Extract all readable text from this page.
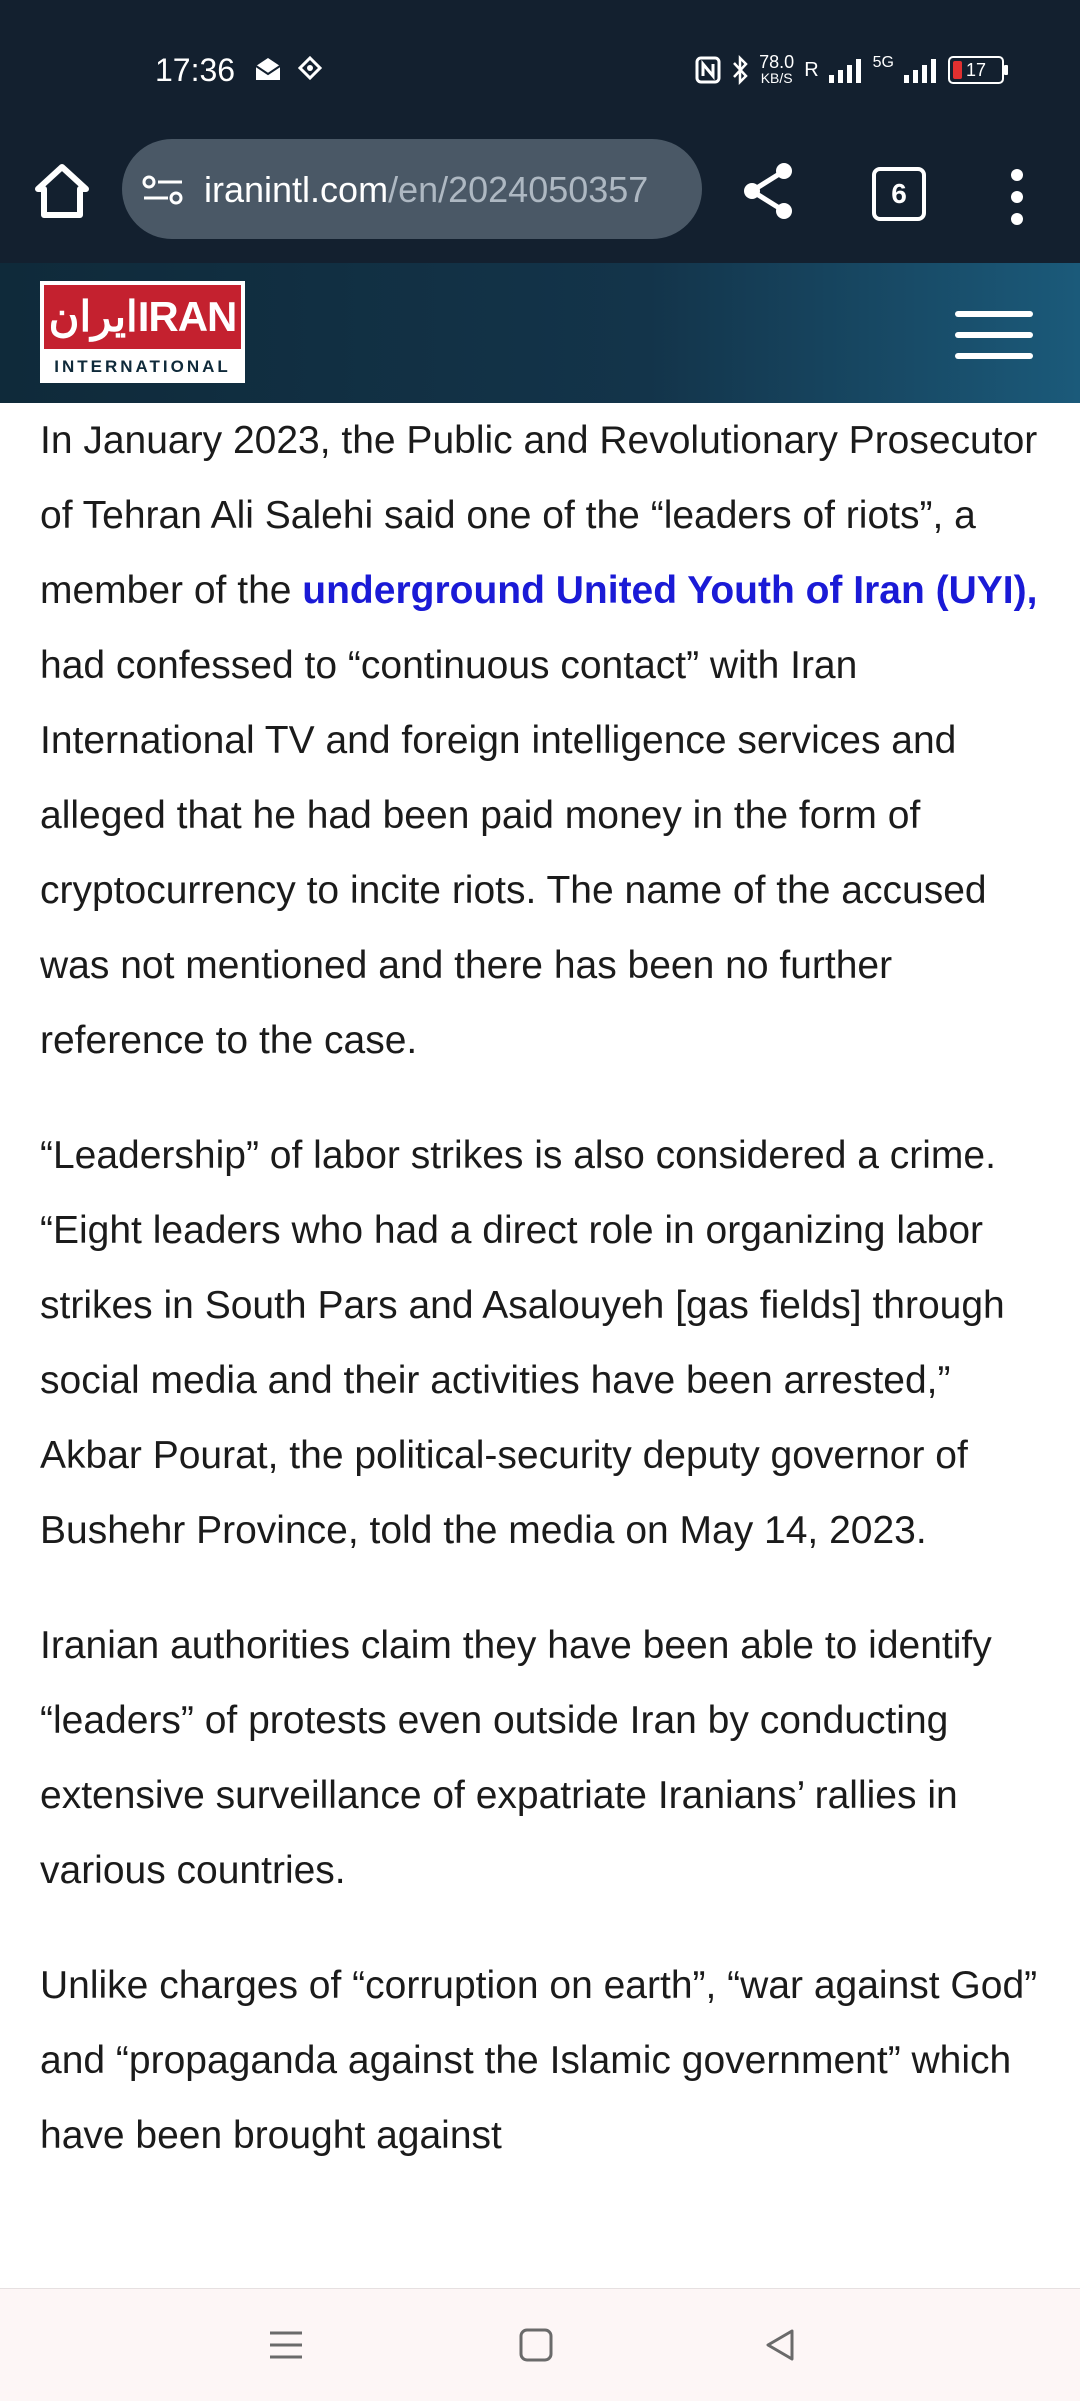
17:36	78.0
KB/S R	5G	17
iranintl.com/en/2024050357	6
ایرانIRAN
INTERNATIONAL

In January 2023, the Public and Revolutionary Prosecutor of Tehran Ali Salehi said one of the “leaders of riots”, a member of the underground United Youth of Iran (UYI), had confessed to “continuous contact” with Iran International TV and foreign intelligence services and alleged that he had been paid money in the form of cryptocurrency to incite riots. The name of the accused was not mentioned and there has been no further reference to the case.

“Leadership” of labor strikes is also considered a crime. “Eight leaders who had a direct role in organizing labor strikes in South Pars and Asalouyeh [gas fields] through social media and their activities have been arrested,” Akbar Pourat, the political-security deputy governor of Bushehr Province, told the media on May 14, 2023.

Iranian authorities claim they have been able to identify “leaders” of protests even outside Iran by conducting extensive surveillance of expatriate Iranians’ rallies in various countries.

Unlike charges of “corruption on earth”, “war against God” and “propaganda against the Islamic government” which have been brought against
